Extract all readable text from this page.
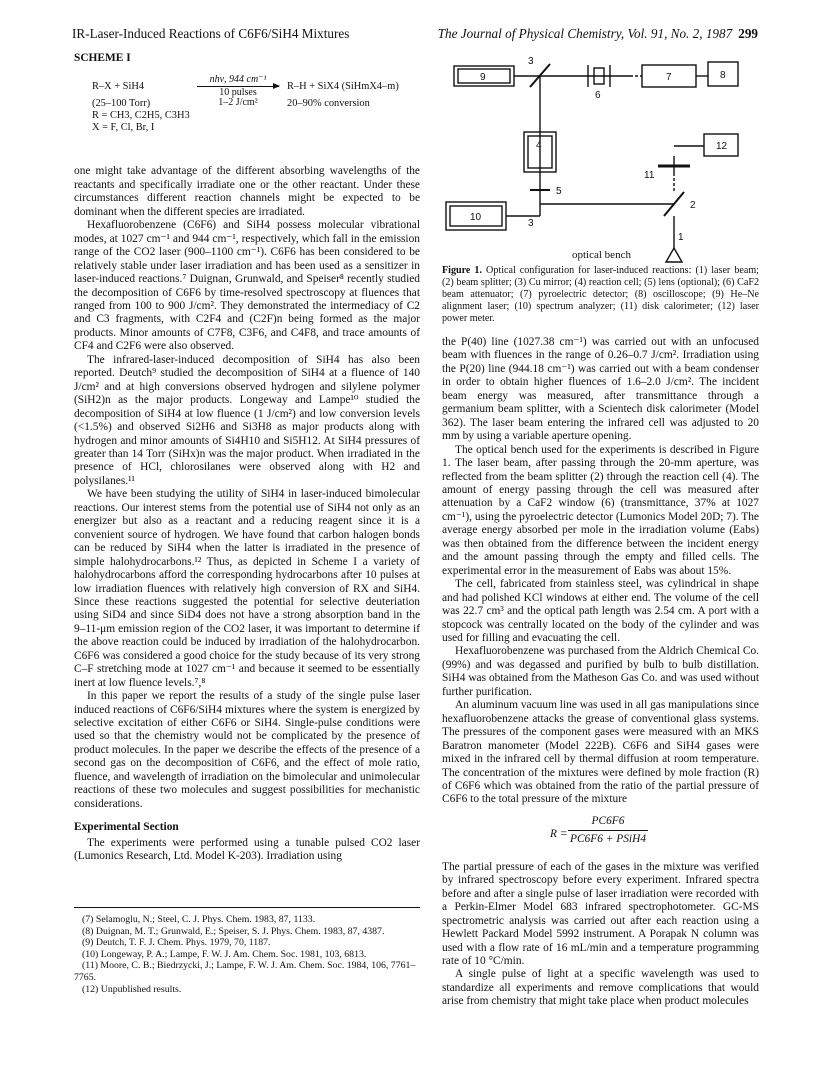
IR-Laser-Induced Reactions of C6F6/SiH4 Mixtures	The Journal of Physical Chemistry, Vol. 91, No. 2, 1987 299
SCHEME I
R–X + SiH4
nhν, 944 cm⁻¹
10 pulses
1–2 J/cm²
R–H + SiX4 (SiHmX4–m)
(25–100 Torr)	20–90% conversion
R = CH3, C2H5, C3H3
X = F, Cl, Br, I

one might take advantage of the different absorbing wavelengths of the reactants and specifically irradiate one or the other reactant. Under these circumstances different reaction channels might be expected to be dominant when the different species are irradiated.

Hexafluorobenzene (C6F6) and SiH4 possess molecular vibrational modes, at 1027 cm⁻¹ and 944 cm⁻¹, respectively, which fall in the emission range of the CO2 laser (900–1100 cm⁻¹). C6F6 has been considered to be relatively stable under laser irradiation and has been used as a sensitizer in laser-induced reactions.⁷ Duignan, Grunwald, and Speiser⁸ recently studied the decomposition of C6F6 by time-resolved spectroscopy at fluences that ranged from 100 to 900 J/cm². They demonstrated the intermediacy of C2 and C3 fragments, with C2F4 and (C2F)n being formed as the major products. Minor amounts of C7F8, C3F6, and C4F8, and trace amounts of CF4 and C2F6 were also observed.

The infrared-laser-induced decomposition of SiH4 has also been reported. Deutch⁹ studied the decomposition of SiH4 at a fluence of 140 J/cm² and at high conversions observed hydrogen and silylene polymer (SiH2)n as the major products. Longeway and Lampe¹⁰ studied the decomposition of SiH4 at low fluence (1 J/cm²) and low conversion levels (<1.5%) and observed Si2H6 and Si3H8 as major products along with hydrogen and minor amounts of Si4H10 and Si5H12. At SiH4 pressures of greater than 14 Torr (SiHx)n was the major product. When irradiated in the presence of HCl, chlorosilanes were observed along with H2 and polysilanes.¹¹

We have been studying the utility of SiH4 in laser-induced bimolecular reactions. Our interest stems from the potential use of SiH4 not only as an energizer but also as a reactant and a reducing reagent since it is a convenient source of hydrogen. We have found that carbon halogen bonds can be reduced by SiH4 when the latter is irradiated in the presence of simple halohydrocarbons.¹² Thus, as depicted in Scheme I a variety of halohydrocarbons afford the corresponding hydrocarbons after 10 pulses at low irradiation fluences with relatively high conversion of RX and SiH4. Since these reactions suggested the potential for selective deuteriation using SiD4 and since SiD4 does not have a strong absorption band in the 9–11-μm emission region of the CO2 laser, it was important to determine if the above reaction could be induced by irradiation of the halohydrocarbon. C6F6 was considered a good choice for the study because of its very strong C–F stretching mode at 1027 cm⁻¹ and because it seemed to be essentially inert at low fluence levels.⁷,⁸

In this paper we report the results of a study of the single pulse laser induced reactions of C6F6/SiH4 mixtures where the system is energized by selective excitation of either C6F6 or SiH4. Single-pulse conditions were used so that the chemistry would not be complicated by the presence of product molecules. In the paper we describe the effects of the presence of a second gas on the decomposition of C6F6, and the effect of mole ratio, fluence, and wavelength of irradiation on the bimolecular and unimolecular reactions of these two molecules and suggest possibilities for mechanistic considerations.

Experimental Section

The experiments were performed using a tunable pulsed CO2 laser (Lumonics Research, Ltd. Model K-203). Irradiation using

(7) Selamoglu, N.; Steel, C. J. Phys. Chem. 1983, 87, 1133.
(8) Duignan, M. T.; Grunwald, E.; Speiser, S. J. Phys. Chem. 1983, 87, 4387.
(9) Deutch, T. F. J. Chem. Phys. 1979, 70, 1187.
(10) Longeway, P. A.; Lampe, F. W. J. Am. Chem. Soc. 1981, 103, 6813.
(11) Moore, C. B.; Biedrzycki, J.; Lampe, F. W. J. Am. Chem. Soc. 1984, 106, 7761–7765.
(12) Unpublished results.
9
3
6
7	8
4	12
11
5
2
1
10
3
optical bench
Figure 1. Optical configuration for laser-induced reactions: (1) laser beam; (2) beam splitter; (3) Cu mirror; (4) reaction cell; (5) lens (optional); (6) CaF2 beam attenuator; (7) pyroelectric detector; (8) oscilloscope; (9) He–Ne alignment laser; (10) spectrum analyzer; (11) disk calorimeter; (12) laser power meter.

the P(40) line (1027.38 cm⁻¹) was carried out with an unfocused beam with fluences in the range of 0.26–0.7 J/cm². Irradiation using the P(20) line (944.18 cm⁻¹) was carried out with a beam condenser in order to obtain higher fluences of 1.6–2.0 J/cm². The incident beam energy was measured, after transmittance through a germanium beam splitter, with a Scientech disk calorimeter (Model 362). The laser beam entering the infrared cell was adjusted to 20 mm by using a variable aperture opening.

The optical bench used for the experiments is described in Figure 1. The laser beam, after passing through the 20-mm aperture, was reflected from the beam splitter (2) through the reaction cell (4). The amount of energy passing through the cell was measured after attenuation by a CaF2 window (6) (transmittance, 37% at 1027 cm⁻¹), using the pyroelectric detector (Lumonics Model 20D; 7). The average energy absorbed per mole in the irradiation volume (Eabs) was then obtained from the difference between the incident energy and the amount passing through the empty and filled cells. The experimental error in the measurement of Eabs was about 15%.

The cell, fabricated from stainless steel, was cylindrical in shape and had polished KCl windows at either end. The volume of the cell was 22.7 cm³ and the optical path length was 2.54 cm. A port with a stopcock was centrally located on the body of the cylinder and was used for filling and evacuating the cell.

Hexafluorobenzene was purchased from the Aldrich Chemical Co. (99%) and was degassed and purified by bulb to bulb distillation. SiH4 was obtained from the Matheson Gas Co. and was used without further purification.

An aluminum vacuum line was used in all gas manipulations since hexafluorobenzene attacks the grease of conventional glass systems. The pressures of the component gases were measured with an MKS Baratron manometer (Model 222B). C6F6 and SiH4 gases were mixed in the infrared cell by thermal diffusion at room temperature. The concentration of the mixtures were defined by mole fraction (R) of C6F6 which was obtained from the ratio of the partial pressure of C6F6 to the total pressure of the mixture

R =
PC6F6
PC6F6 + PSiH4

The partial pressure of each of the gases in the mixture was verified by infrared spectroscopy before every experiment. Infrared spectra before and after a single pulse of laser irradiation were recorded with a Perkin-Elmer Model 683 infrared spectrophotometer. GC-MS spectrometric analysis was carried out after each reaction using a Hewlett Packard Model 5992 instrument. A Porapak N column was used with a flow rate of 16 mL/min and a temperature programming rate of 10 °C/min.

A single pulse of light at a specific wavelength was used to standardize all experiments and remove complications that would arise from chemistry that might take place when product molecules
